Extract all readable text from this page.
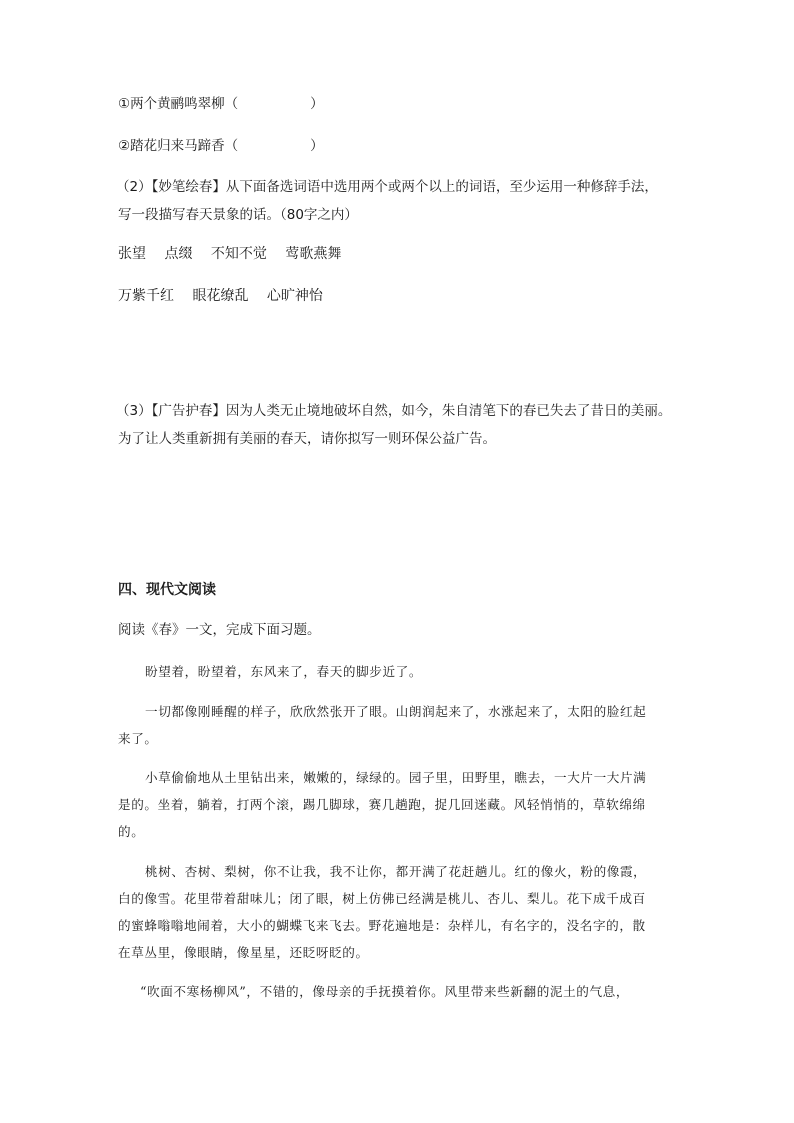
①两个黄鹂鸣翠柳（	）
②踏花归来马蹄香（	）
（2）【妙笔绘春】从下面备选词语中选用两个或两个以上的词语，至少运用一种修辞手法，
写一段描写春天景象的话。（80字之内）
张望 点缀 不知不觉 莺歌燕舞
万紫千红 眼花缭乱 心旷神怡
（3）【广告护春】因为人类无止境地破坏自然，如今，朱自清笔下的春已失去了昔日的美丽。
为了让人类重新拥有美丽的春天，请你拟写一则环保公益广告。
四、现代文阅读
阅读《春》一文，完成下面习题。
盼望着，盼望着，东风来了，春天的脚步近了。
一切都像刚睡醒的样子，欣欣然张开了眼。山朗润起来了，水涨起来了，太阳的脸红起
来了。
小草偷偷地从土里钻出来，嫩嫩的，绿绿的。园子里，田野里，瞧去，一大片一大片满
是的。坐着，躺着，打两个滚，踢几脚球，赛几趟跑，捉几回迷藏。风轻悄悄的，草软绵绵
的。
桃树、杏树、梨树，你不让我，我不让你，都开满了花赶趟儿。红的像火，粉的像霞，
白的像雪。花里带着甜味儿；闭了眼，树上仿佛已经满是桃儿、杏儿、梨儿。花下成千成百
的蜜蜂嗡嗡地闹着，大小的蝴蝶飞来飞去。野花遍地是：杂样儿，有名字的，没名字的，散
在草丛里，像眼睛，像星星，还眨呀眨的。
“吹面不寒杨柳风”，不错的，像母亲的手抚摸着你。风里带来些新翻的泥土的气息，
